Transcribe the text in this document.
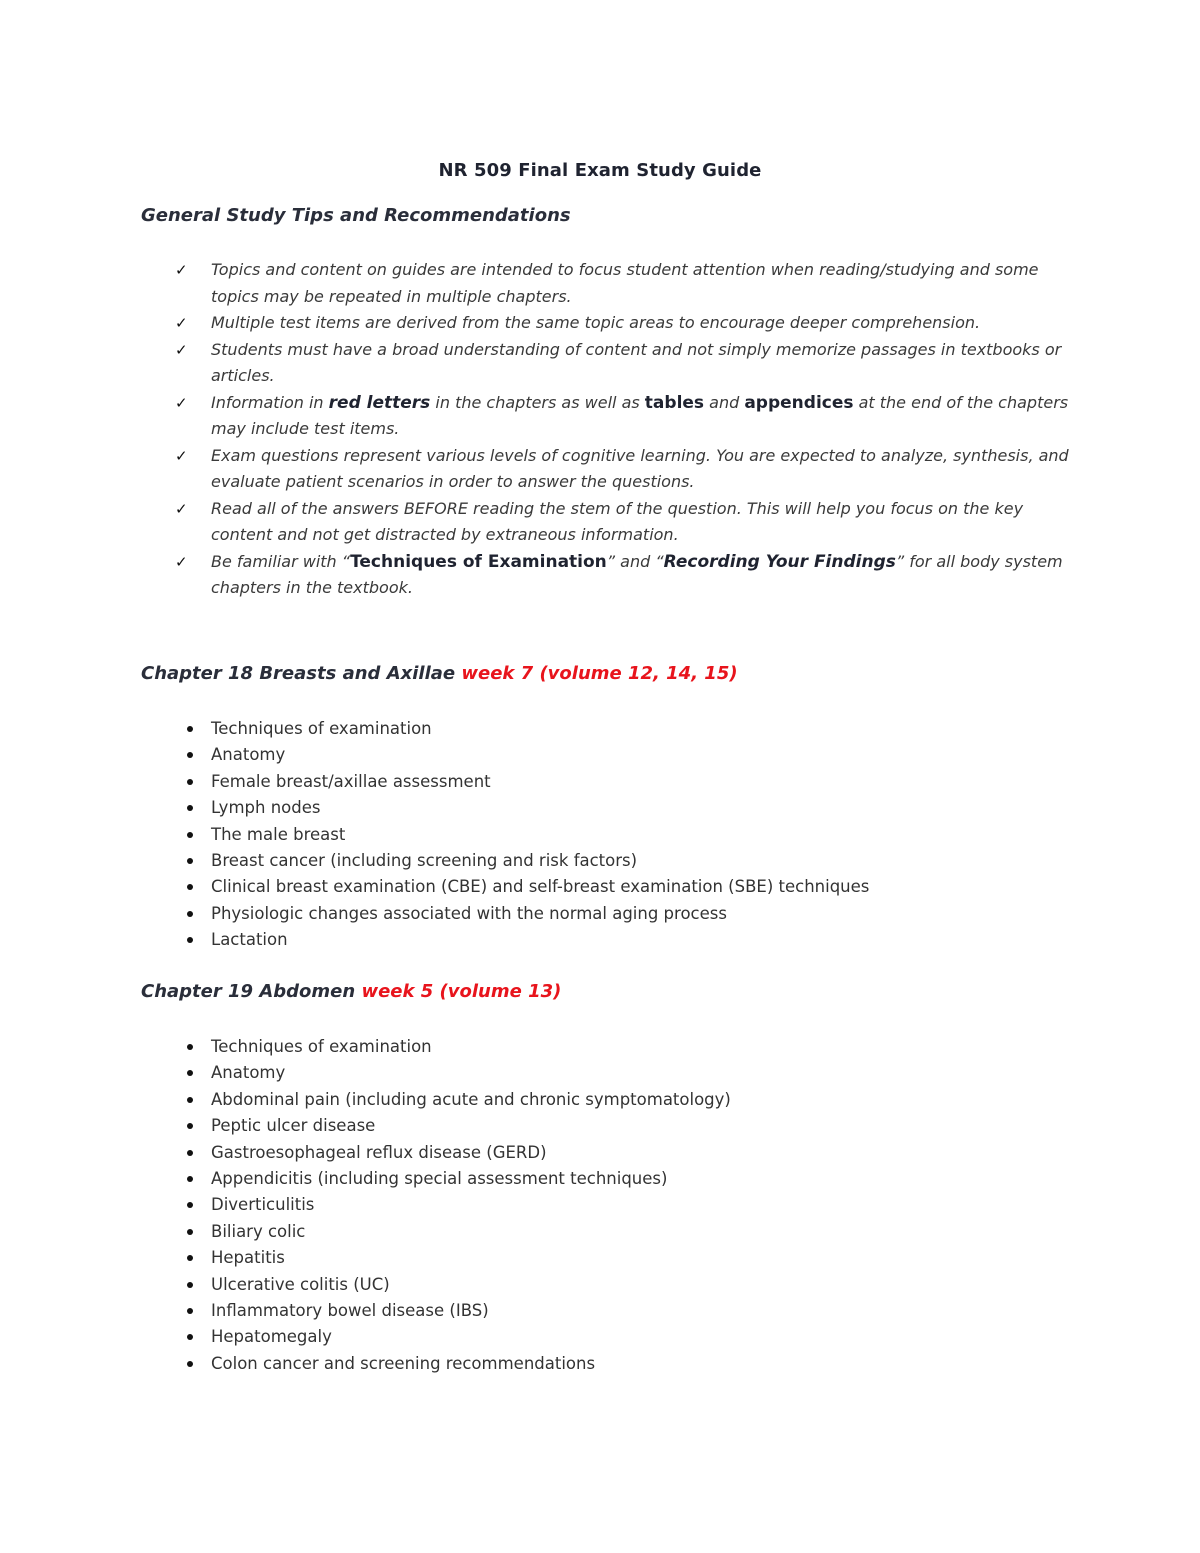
NR 509 Final Exam Study Guide
General Study Tips and Recommendations
✓ Topics and content on guides are intended to focus student attention when reading/studying and some topics may be repeated in multiple chapters.
✓ Multiple test items are derived from the same topic areas to encourage deeper comprehension.
✓ Students must have a broad understanding of content and not simply memorize passages in textbooks or articles.
✓ Information in red letters in the chapters as well as tables and appendices at the end of the chapters may include test items.
✓ Exam questions represent various levels of cognitive learning. You are expected to analyze, synthesis, and evaluate patient scenarios in order to answer the questions.
✓ Read all of the answers BEFORE reading the stem of the question. This will help you focus on the key content and not get distracted by extraneous information.
✓ Be familiar with “Techniques of Examination” and “Recording Your Findings” for all body system chapters in the textbook.
Chapter 18 Breasts and Axillae week 7 (volume 12, 14, 15)
Techniques of examination
Anatomy
Female breast/axillae assessment
Lymph nodes
The male breast
Breast cancer (including screening and risk factors)
Clinical breast examination (CBE) and self-breast examination (SBE) techniques
Physiologic changes associated with the normal aging process
Lactation
Chapter 19 Abdomen week 5 (volume 13)
Techniques of examination
Anatomy
Abdominal pain (including acute and chronic symptomatology)
Peptic ulcer disease
Gastroesophageal reflux disease (GERD)
Appendicitis (including special assessment techniques)
Diverticulitis
Biliary colic
Hepatitis
Ulcerative colitis (UC)
Inflammatory bowel disease (IBS)
Hepatomegaly
Colon cancer and screening recommendations
